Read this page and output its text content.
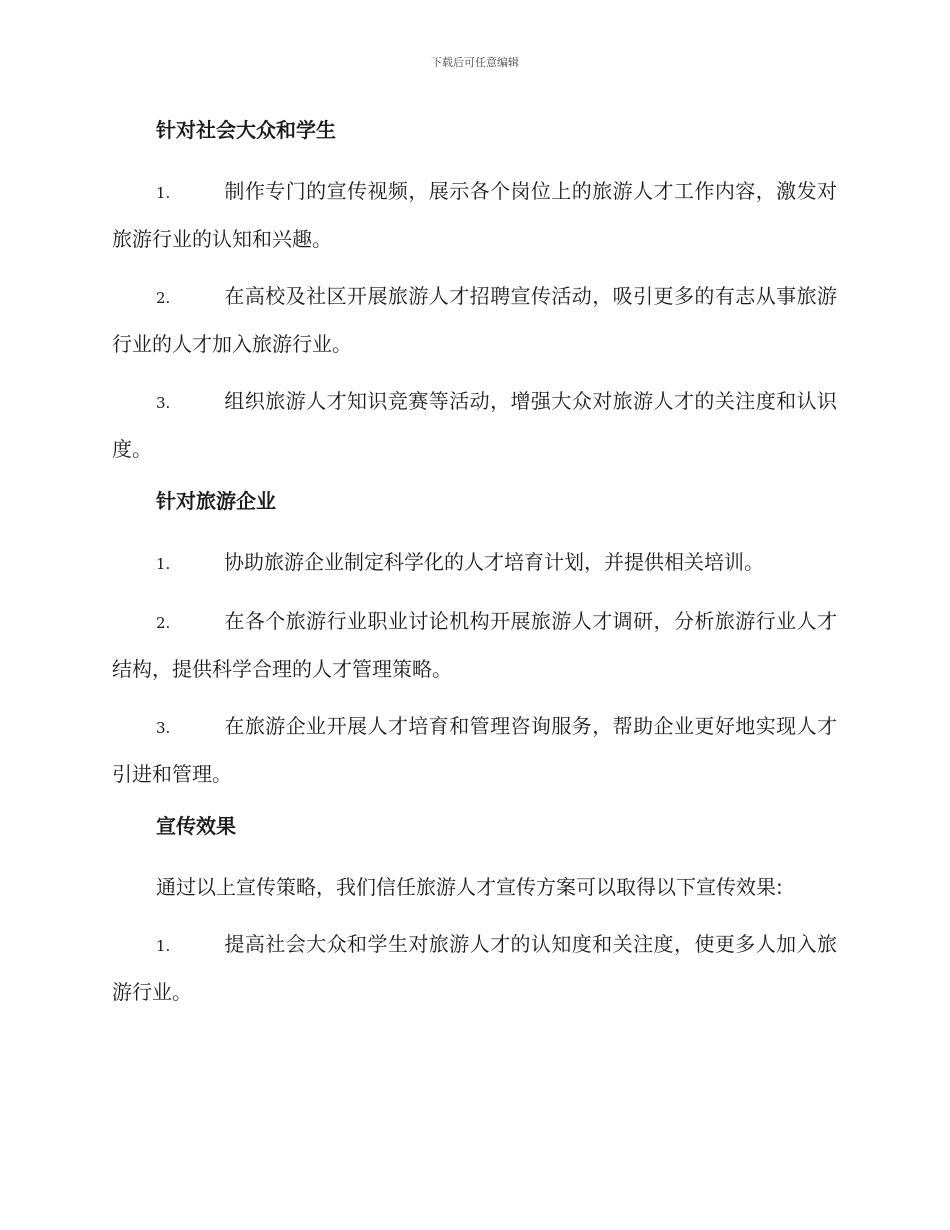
下载后可任意编辑
针对社会大众和学生
1.	制作专门的宣传视频，展示各个岗位上的旅游人才工作内容，激发对旅游行业的认知和兴趣。
2.	在高校及社区开展旅游人才招聘宣传活动，吸引更多的有志从事旅游行业的人才加入旅游行业。
3.	组织旅游人才知识竞赛等活动，增强大众对旅游人才的关注度和认识度。
针对旅游企业
1.	协助旅游企业制定科学化的人才培育计划，并提供相关培训。
2.	在各个旅游行业职业讨论机构开展旅游人才调研，分析旅游行业人才结构，提供科学合理的人才管理策略。
3.	在旅游企业开展人才培育和管理咨询服务，帮助企业更好地实现人才引进和管理。
宣传效果
通过以上宣传策略，我们信任旅游人才宣传方案可以取得以下宣传效果:
1.	提高社会大众和学生对旅游人才的认知度和关注度，使更多人加入旅游行业。
